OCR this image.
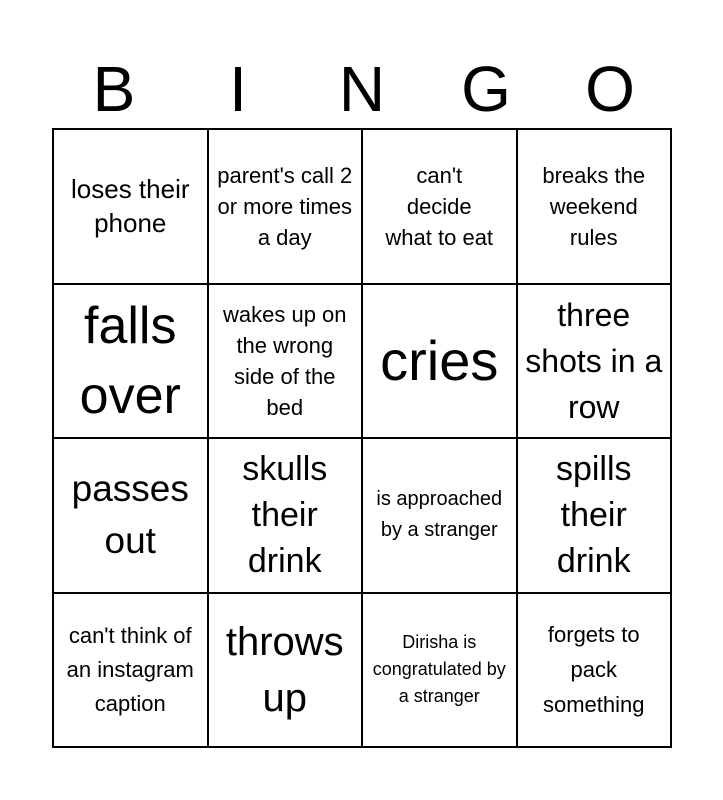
B	I	N	G	O
loses their phone
parent's call 2 or more times a day
can't decide what to eat
breaks the weekend rules
falls over
wakes up on the wrong side of the bed
cries
three shots in a row
passes out
skulls their drink
is approached by a stranger
spills their drink
can't think of an instagram caption
throws up
Dirisha is congratulated by a stranger
forgets to pack something
